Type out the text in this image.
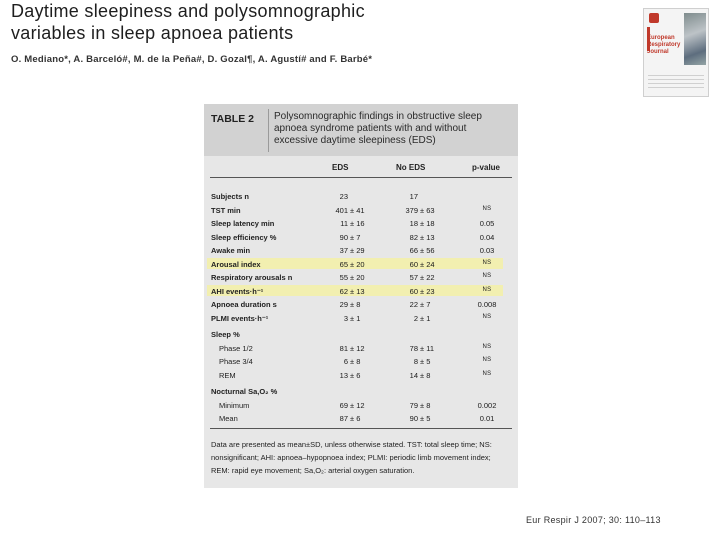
Daytime sleepiness and polysomnographic
variables in sleep apnoea patients
O. Mediano*, A. Barceló#, M. de la Peña#, D. Gozal¶, A. Agustí# and F. Barbé*
European Respiratory Journal
TABLE 2 Polysomnographic findings in obstructive sleep apnoea syndrome patients with and without excessive daytime sleepiness (EDS)
EDS	No EDS	p-value
Subjects n	23	17
TST min	401 ± 41	379 ± 63	NS
Sleep latency min	11 ± 16	18 ± 18	0.05
Sleep efficiency %	90 ± 7	82 ± 13	0.04
Awake min	37 ± 29	66 ± 56	0.03
Arousal index	65 ± 20	60 ± 24	NS
Respiratory arousals n	55 ± 20	57 ± 22	NS
AHI events·h⁻¹	62 ± 13	60 ± 23	NS
Apnoea duration s	29 ± 8	22 ± 7	0.008
PLMI events·h⁻¹	3 ± 1	2 ± 1	NS
Sleep %
Phase 1/2	81 ± 12	78 ± 11	NS
Phase 3/4	6 ± 8	8 ± 5	NS
REM	13 ± 6	14 ± 8	NS
Nocturnal Sa,O₂ %
Minimum	69 ± 12	79 ± 8	0.002
Mean	87 ± 6	90 ± 5	0.01
Data are presented as mean±SD, unless otherwise stated. TST: total sleep time; NS: nonsignificant; AHI: apnoea–hypopnoea index; PLMI: periodic limb movement index; REM: rapid eye movement; Sa,O₂: arterial oxygen saturation.
Eur Respir J 2007; 30: 110–113
